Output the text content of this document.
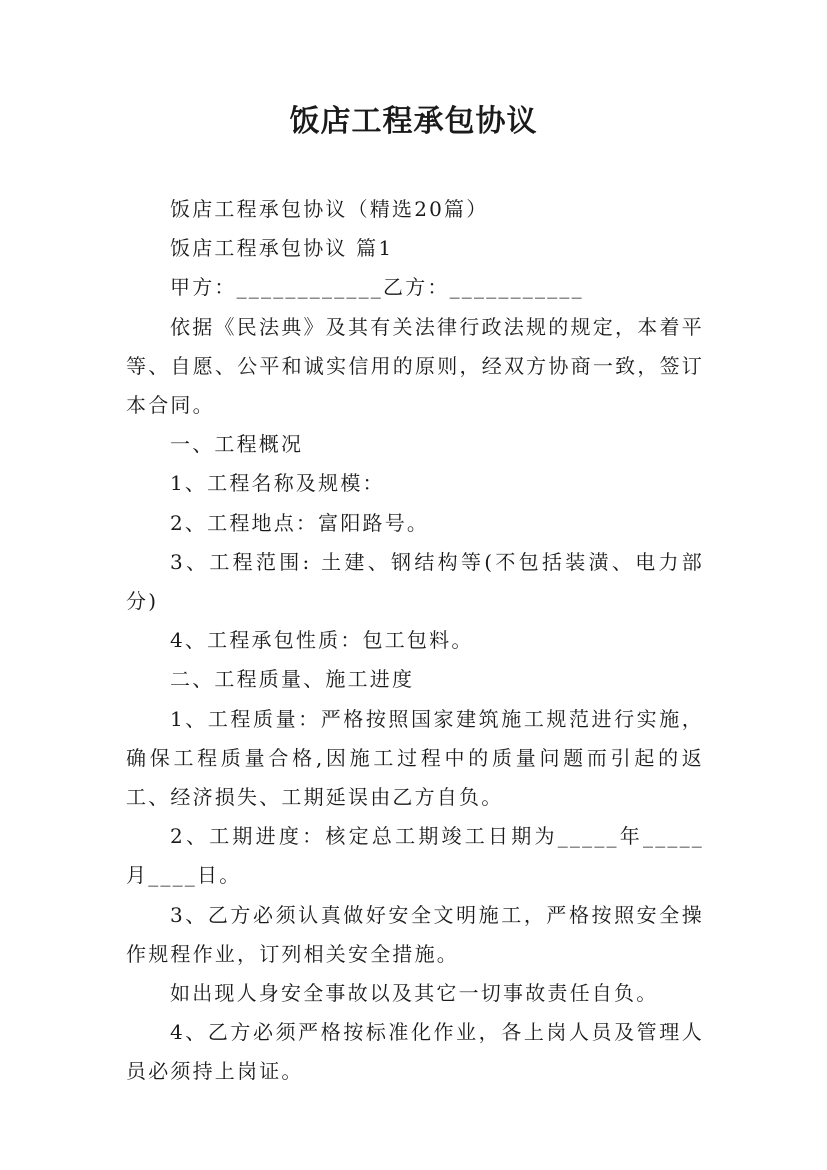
饭店工程承包协议

饭店工程承包协议（精选20篇）

饭店工程承包协议 篇1

甲方：____________乙方：___________

依据《民法典》及其有关法律行政法规的规定，本着平等、自愿、公平和诚实信用的原则，经双方协商一致，签订本合同。

一、工程概况

1、工程名称及规模：

2、工程地点：富阳路号。

3、工程范围: 土建、钢结构等(不包括装潢、电力部分)

4、工程承包性质：包工包料。

二、工程质量、施工进度

1、工程质量：严格按照国家建筑施工规范进行实施，确保工程质量合格,因施工过程中的质量问题而引起的返工、经济损失、工期延误由乙方自负。

2、工期进度：核定总工期竣工日期为_____年_____月____日。

3、乙方必须认真做好安全文明施工，严格按照安全操作规程作业，订列相关安全措施。

如出现人身安全事故以及其它一切事故责任自负。

4、乙方必须严格按标准化作业，各上岗人员及管理人员必须持上岗证。
